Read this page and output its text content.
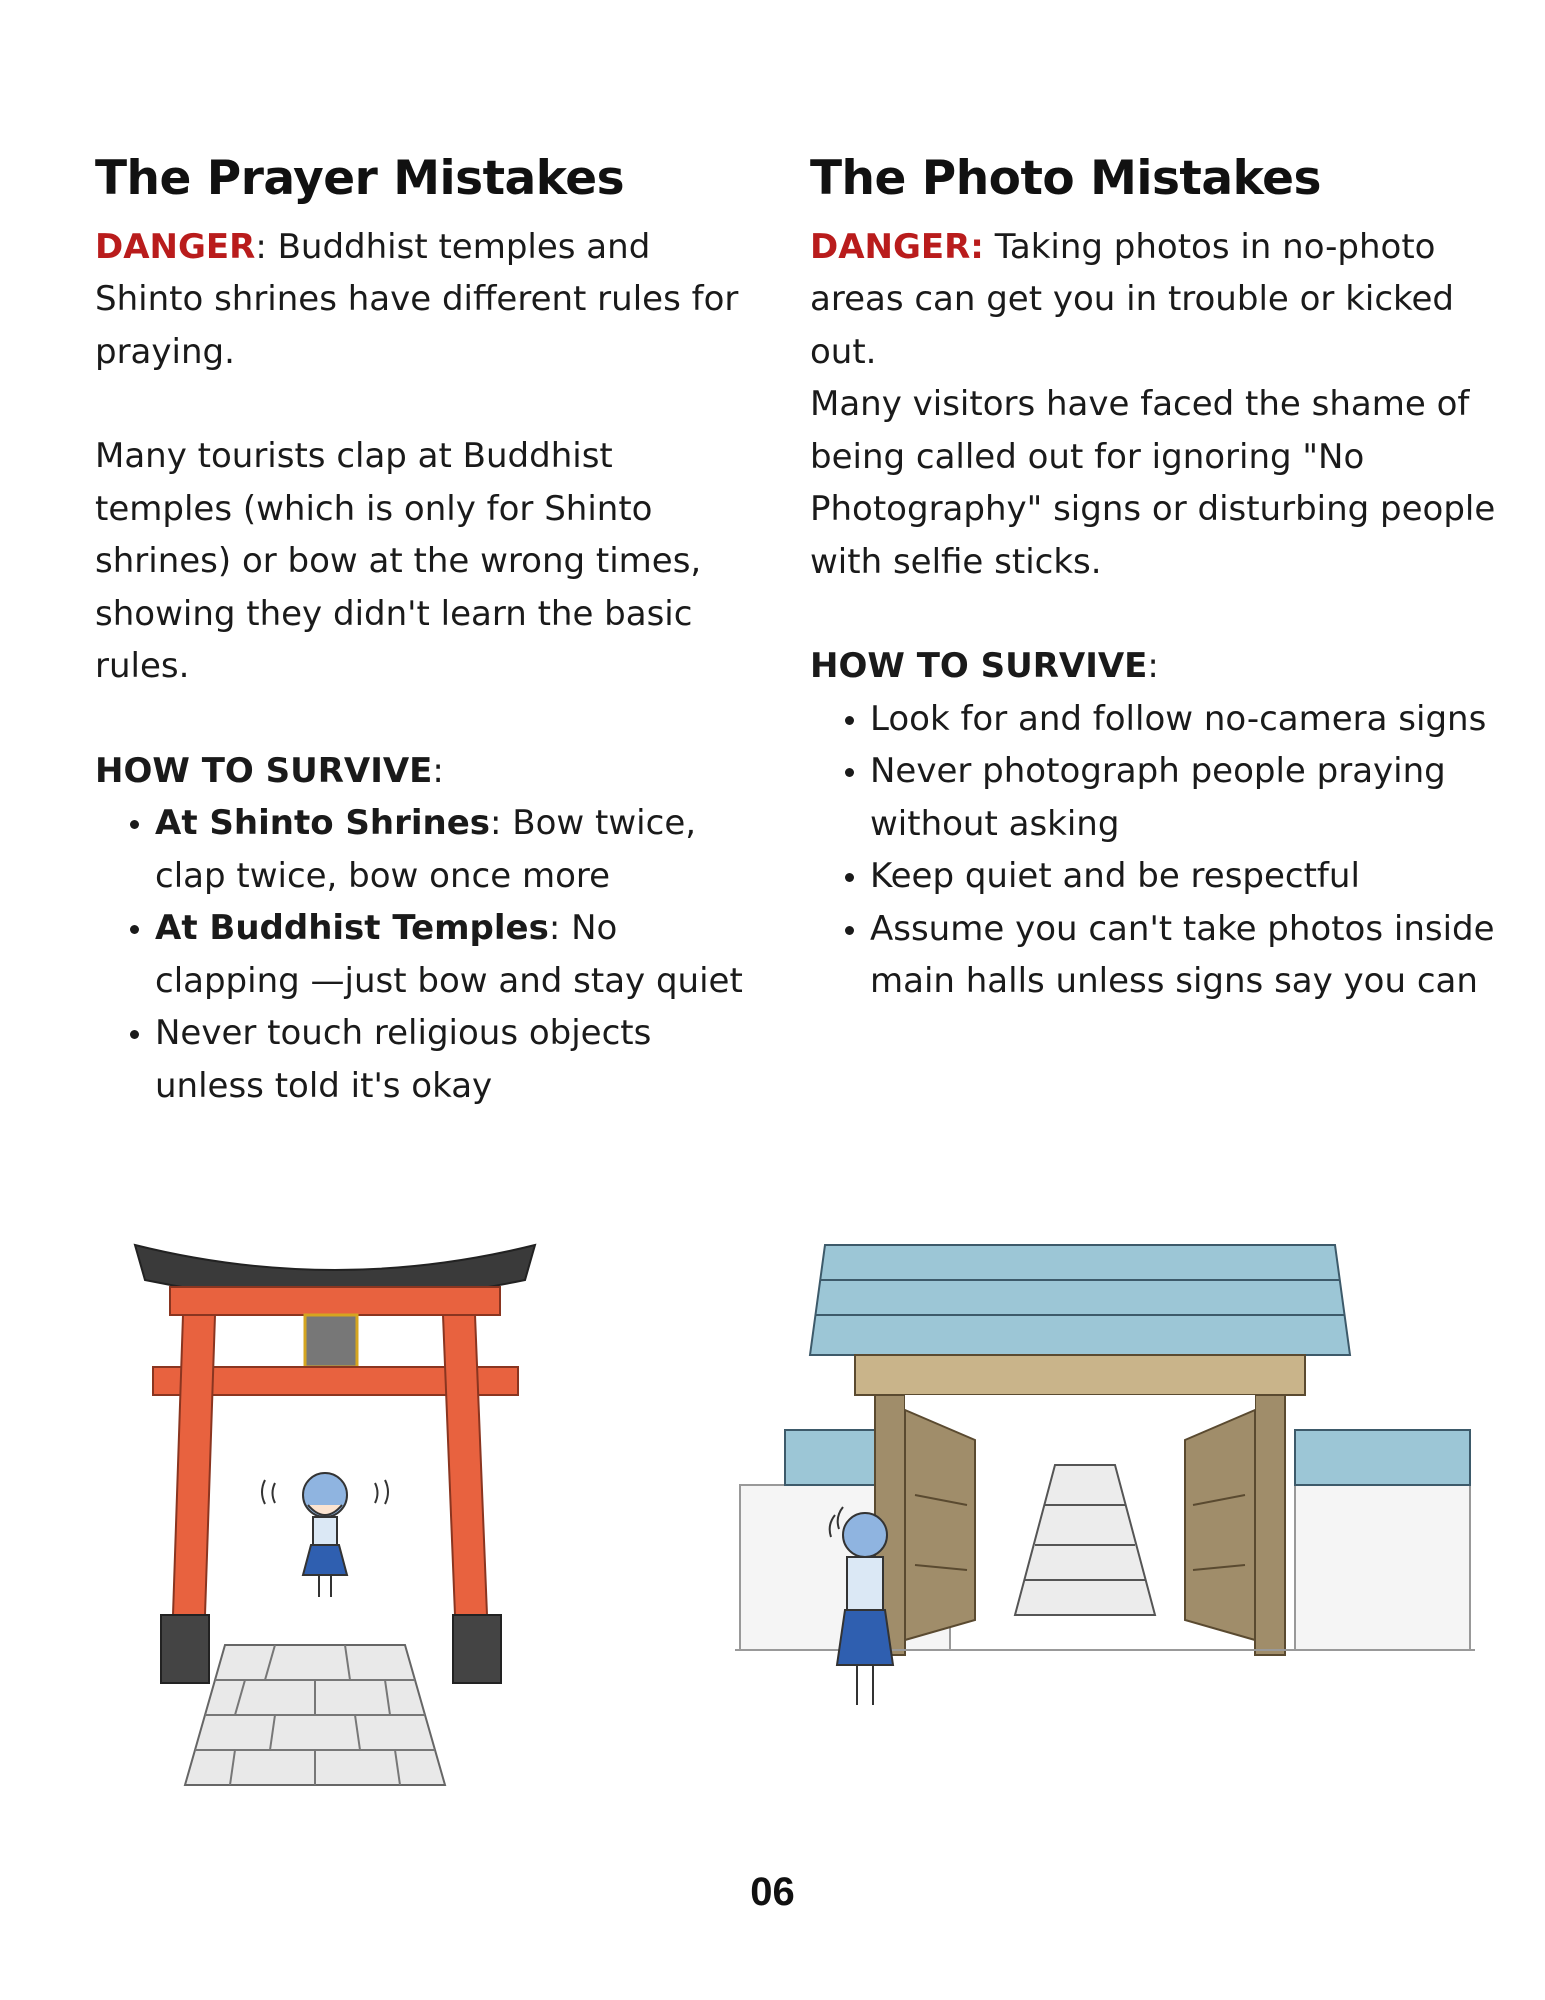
The Prayer Mistakes

DANGER: Buddhist temples and Shinto shrines have different rules for praying.

Many tourists clap at Buddhist temples (which is only for Shinto shrines) or bow at the wrong times, showing they didn't learn the basic rules.

HOW TO SURVIVE:

• At Shinto Shrines: Bow twice, clap twice, bow once more
• At Buddhist Temples: No clapping —just bow and stay quiet
• Never touch religious objects unless told it's okay
The Photo Mistakes

DANGER: Taking photos in no-photo areas can get you in trouble or kicked out.

Many visitors have faced the shame of being called out for ignoring "No Photography" signs or disturbing people with selfie sticks.

HOW TO SURVIVE:

• Look for and follow no-camera signs
• Never photograph people praying without asking
• Keep quiet and be respectful
• Assume you can't take photos inside main halls unless signs say you can
06
